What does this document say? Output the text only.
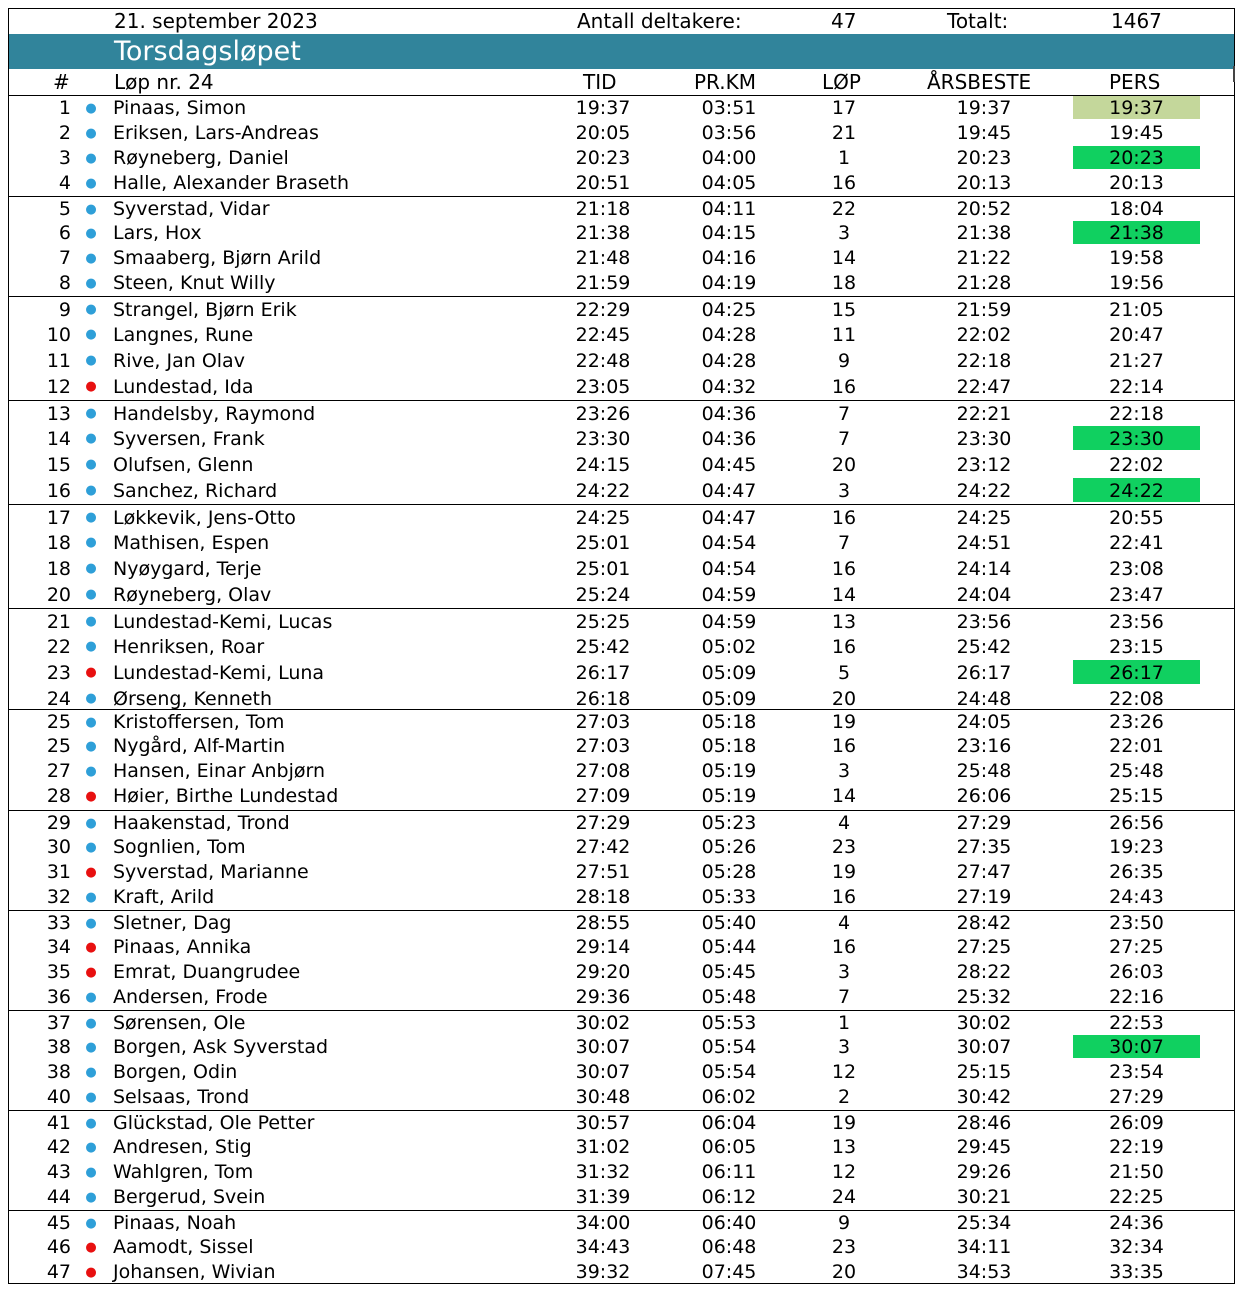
21. september 2023	Antall deltakere:	47	Totalt:	1467
Torsdagsløpet
# Løp nr. 24	TID	PR.KM	LØP	ÅRSBESTE	PERS
1 ● Pinaas, Simon	19:37	03:51	17	19:37	19:37
2 ● Eriksen, Lars-Andreas	20:05	03:56	21	19:45	19:45
3 ● Røyneberg, Daniel	20:23	04:00	1	20:23	20:23
4 ● Halle, Alexander Braseth	20:51	04:05	16	20:13	20:13
5 ● Syverstad, Vidar	21:18	04:11	22	20:52	18:04
6 ● Lars, Hox	21:38	04:15	3	21:38	21:38
7 ● Smaaberg, Bjørn Arild	21:48	04:16	14	21:22	19:58
8 ● Steen, Knut Willy	21:59	04:19	18	21:28	19:56
9 ● Strangel, Bjørn Erik	22:29	04:25	15	21:59	21:05
10 ● Langnes, Rune	22:45	04:28	11	22:02	20:47
11 ● Rive, Jan Olav	22:48	04:28	9	22:18	21:27
12 ● Lundestad, Ida	23:05	04:32	16	22:47	22:14
13 ● Handelsby, Raymond	23:26	04:36	7	22:21	22:18
14 ● Syversen, Frank	23:30	04:36	7	23:30	23:30
15 ● Olufsen, Glenn	24:15	04:45	20	23:12	22:02
16 ● Sanchez, Richard	24:22	04:47	3	24:22	24:22
17 ● Løkkevik, Jens-Otto	24:25	04:47	16	24:25	20:55
18 ● Mathisen, Espen	25:01	04:54	7	24:51	22:41
18 ● Nyøygard, Terje	25:01	04:54	16	24:14	23:08
20 ● Røyneberg, Olav	25:24	04:59	14	24:04	23:47
21 ● Lundestad-Kemi, Lucas	25:25	04:59	13	23:56	23:56
22 ● Henriksen, Roar	25:42	05:02	16	25:42	23:15
23 ● Lundestad-Kemi, Luna	26:17	05:09	5	26:17	26:17
24 ● Ørseng, Kenneth	26:18	05:09	20	24:48	22:08
25 ● Kristoffersen, Tom	27:03	05:18	19	24:05	23:26
25 ● Nygård, Alf-Martin	27:03	05:18	16	23:16	22:01
27 ● Hansen, Einar Anbjørn	27:08	05:19	3	25:48	25:48
28 ● Høier, Birthe Lundestad	27:09	05:19	14	26:06	25:15
29 ● Haakenstad, Trond	27:29	05:23	4	27:29	26:56
30 ● Sognlien, Tom	27:42	05:26	23	27:35	19:23
31 ● Syverstad, Marianne	27:51	05:28	19	27:47	26:35
32 ● Kraft, Arild	28:18	05:33	16	27:19	24:43
33 ● Sletner, Dag	28:55	05:40	4	28:42	23:50
34 ● Pinaas, Annika	29:14	05:44	16	27:25	27:25
35 ● Emrat, Duangrudee	29:20	05:45	3	28:22	26:03
36 ● Andersen, Frode	29:36	05:48	7	25:32	22:16
37 ● Sørensen, Ole	30:02	05:53	1	30:02	22:53
38 ● Borgen, Ask Syverstad	30:07	05:54	3	30:07	30:07
38 ● Borgen, Odin	30:07	05:54	12	25:15	23:54
40 ● Selsaas, Trond	30:48	06:02	2	30:42	27:29
41 ● Glückstad, Ole Petter	30:57	06:04	19	28:46	26:09
42 ● Andresen, Stig	31:02	06:05	13	29:45	22:19
43 ● Wahlgren, Tom	31:32	06:11	12	29:26	21:50
44 ● Bergerud, Svein	31:39	06:12	24	30:21	22:25
45 ● Pinaas, Noah	34:00	06:40	9	25:34	24:36
46 ● Aamodt, Sissel	34:43	06:48	23	34:11	32:34
47 ● Johansen, Wivian	39:32	07:45	20	34:53	33:35
